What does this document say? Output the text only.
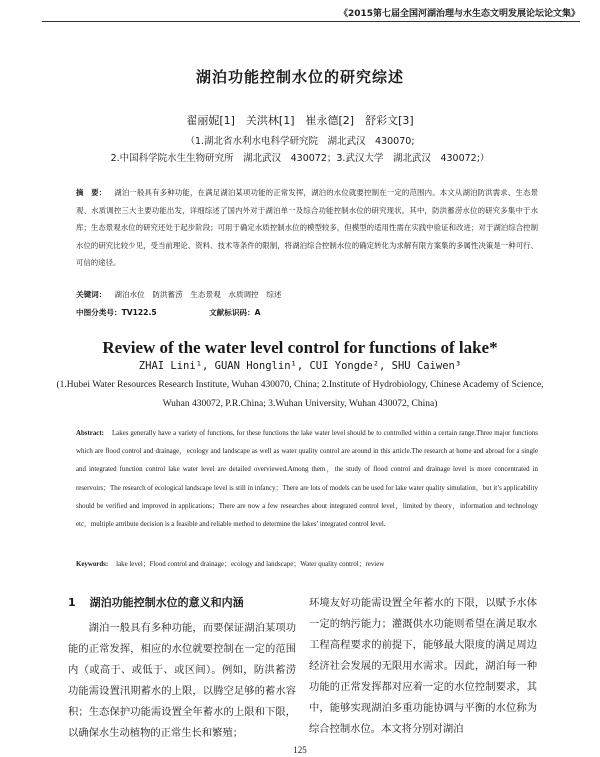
《2015第七届全国河湖治理与水生态文明发展论坛论文集》
湖泊功能控制水位的研究综述
翟丽妮[1]　关洪林[1]　崔永德[2]　舒彩文[3]
（1.湖北省水利水电科学研究院　湖北武汉　430070;
2.中国科学院水生生物研究所　湖北武汉　430072；3.武汉大学　湖北武汉　430072;）
摘　要： 湖泊一般具有多种功能，在满足湖泊某项功能的正常发挥，湖泊的水位就要控制在一定的范围内。本文从湖泊防洪需求、生态景观、水质调控三大主要功能出发，详细综述了国内外对于湖泊单一及综合功能控制水位的研究现状。其中，防洪蓄涝水位的研究多集中于水库；生态景观水位的研究还处于起步阶段；可用于确定水质控制水位的模型较多，但模型的适用性需在实践中验证和改进；对于湖泊综合控制水位的研究比较少见，受当前理论、资料、技术等条件的限制，将湖泊综合控制水位的确定转化为求解有限方案集的多属性决策是一种可行、可信的途径。
关键词： 湖泊水位　防洪蓄涝　生态景观　水质调控　综述
中图分类号：TV122.5	文献标识码：A
Review of the water level control for functions of lake*
ZHAI Lini¹, GUAN Honglin¹, CUI Yongde², SHU Caiwen³
(1.Hubei Water Resources Research Institute, Wuhan 430070, China; 2.Institute of Hydrobiology, Chinese Academy of Science,
Wuhan 430072, P.R.China; 3.Wuhan University, Wuhan 430072, China)
Abstract: Lakes generally have a variety of functions, for these functions the lake water level should be to controlled within a certain range.Three major functions which are flood control and drainage，ecology and landscape as well as water quality control are around in this article.The research at home and abroad for a single and integrated function control lake water level are detailed overviewed.Among them，the study of flood control and drainage level is more concentrated in reservoirs；The research of ecological landscape level is still in infancy；There are lots of models can be used for lake water quality simulation，but it’s applicability should be verified and improved in applications；There are now a few researches about integrated control level，limited by theory，information and technology etc，multiple attribute decision is a feasible and reliable method to determine the lakes’ integrated control level.
Keywords: lake level；Flood control and drainage；ecology and landscape；Water quality control；review
1 湖泊功能控制水位的意义和内涵
湖泊一般具有多种功能，而要保证湖泊某项功能的正常发挥，相应的水位就要控制在一定的范围内（或高于、或低于、或区间）。例如，防洪蓄涝功能需设置汛期蓄水的上限，以腾空足够的蓄水容积；生态保护功能需设置全年蓄水的上限和下限，以确保水生动植物的正常生长和繁殖；
环境友好功能需设置全年蓄水的下限，以赋予水体一定的纳污能力；灌溉供水功能则希望在满足取水工程高程要求的前提下，能够最大限度的满足周边经济社会发展的无限用水需求。因此，湖泊每一种功能的正常发挥都对应着一定的水位控制要求，其中，能够实现湖泊多重功能协调与平衡的水位称为综合控制水位。本文将分别对湖泊
125
